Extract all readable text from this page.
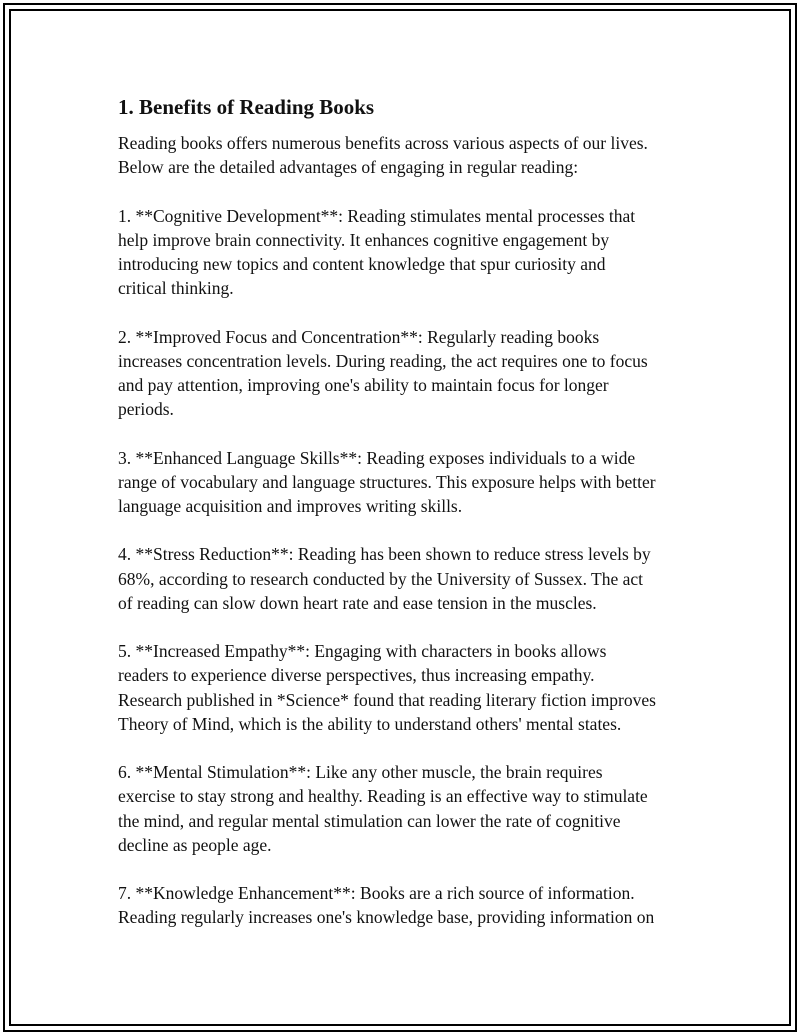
1. Benefits of Reading Books

Reading books offers numerous benefits across various aspects of our lives.
Below are the detailed advantages of engaging in regular reading:

1. **Cognitive Development**: Reading stimulates mental processes that
help improve brain connectivity. It enhances cognitive engagement by
introducing new topics and content knowledge that spur curiosity and
critical thinking.

2. **Improved Focus and Concentration**: Regularly reading books
increases concentration levels. During reading, the act requires one to focus
and pay attention, improving one's ability to maintain focus for longer
periods.

3. **Enhanced Language Skills**: Reading exposes individuals to a wide
range of vocabulary and language structures. This exposure helps with better
language acquisition and improves writing skills.

4. **Stress Reduction**: Reading has been shown to reduce stress levels by
68%, according to research conducted by the University of Sussex. The act
of reading can slow down heart rate and ease tension in the muscles.

5. **Increased Empathy**: Engaging with characters in books allows
readers to experience diverse perspectives, thus increasing empathy.
Research published in *Science* found that reading literary fiction improves
Theory of Mind, which is the ability to understand others' mental states.

6. **Mental Stimulation**: Like any other muscle, the brain requires
exercise to stay strong and healthy. Reading is an effective way to stimulate
the mind, and regular mental stimulation can lower the rate of cognitive
decline as people age.

7. **Knowledge Enhancement**: Books are a rich source of information.
Reading regularly increases one's knowledge base, providing information on
